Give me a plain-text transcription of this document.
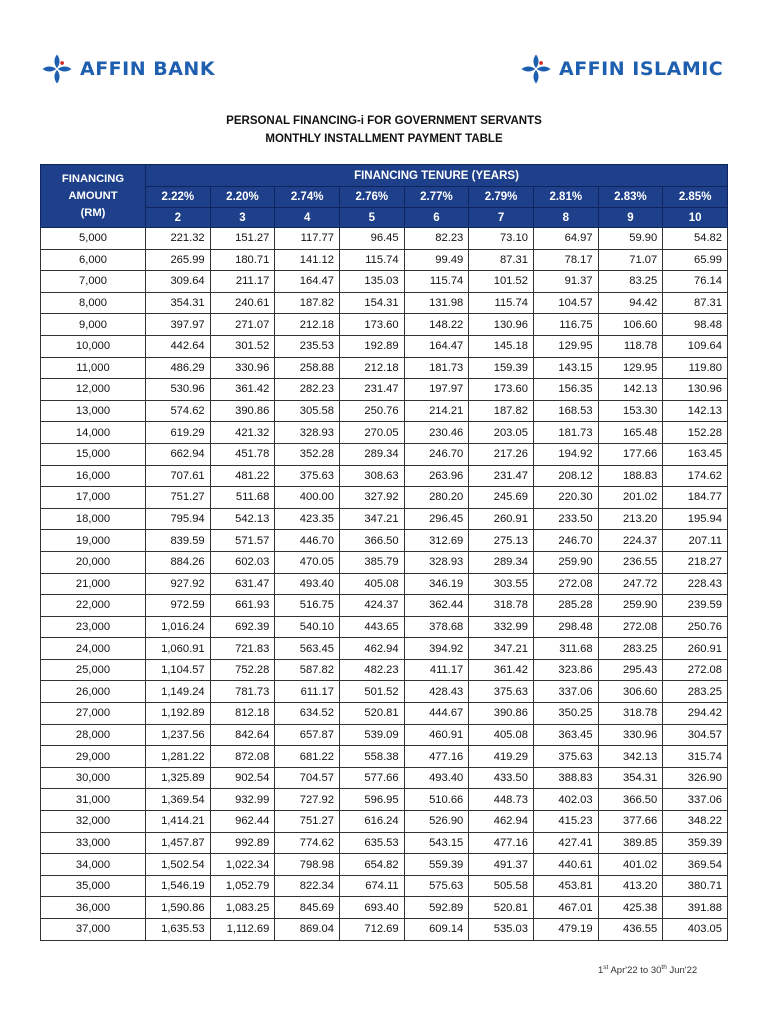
AFFIN BANK	AFFIN ISLAMIC
PERSONAL FINANCING-i FOR GOVERNMENT SERVANTS
MONTHLY INSTALLMENT PAYMENT TABLE
FINANCING
AMOUNT
(RM)	FINANCING TENURE (YEARS)								
	2.22%	2.20%	2.74%	2.76%	2.77%	2.79%	2.81%	2.83%	2.85%
	2	3	4	5	6	7	8	9	10
5,000	221.32	151.27	117.77	96.45	82.23	73.10	64.97	59.90	54.82
6,000	265.99	180.71	141.12	115.74	99.49	87.31	78.17	71.07	65.99
7,000	309.64	211.17	164.47	135.03	115.74	101.52	91.37	83.25	76.14
8,000	354.31	240.61	187.82	154.31	131.98	115.74	104.57	94.42	87.31
9,000	397.97	271.07	212.18	173.60	148.22	130.96	116.75	106.60	98.48
10,000	442.64	301.52	235.53	192.89	164.47	145.18	129.95	118.78	109.64
11,000	486.29	330.96	258.88	212.18	181.73	159.39	143.15	129.95	119.80
12,000	530.96	361.42	282.23	231.47	197.97	173.60	156.35	142.13	130.96
13,000	574.62	390.86	305.58	250.76	214.21	187.82	168.53	153.30	142.13
14,000	619.29	421.32	328.93	270.05	230.46	203.05	181.73	165.48	152.28
15,000	662.94	451.78	352.28	289.34	246.70	217.26	194.92	177.66	163.45
16,000	707.61	481.22	375.63	308.63	263.96	231.47	208.12	188.83	174.62
17,000	751.27	511.68	400.00	327.92	280.20	245.69	220.30	201.02	184.77
18,000	795.94	542.13	423.35	347.21	296.45	260.91	233.50	213.20	195.94
19,000	839.59	571.57	446.70	366.50	312.69	275.13	246.70	224.37	207.11
20,000	884.26	602.03	470.05	385.79	328.93	289.34	259.90	236.55	218.27
21,000	927.92	631.47	493.40	405.08	346.19	303.55	272.08	247.72	228.43
22,000	972.59	661.93	516.75	424.37	362.44	318.78	285.28	259.90	239.59
23,000	1,016.24	692.39	540.10	443.65	378.68	332.99	298.48	272.08	250.76
24,000	1,060.91	721.83	563.45	462.94	394.92	347.21	311.68	283.25	260.91
25,000	1,104.57	752.28	587.82	482.23	411.17	361.42	323.86	295.43	272.08
26,000	1,149.24	781.73	611.17	501.52	428.43	375.63	337.06	306.60	283.25
27,000	1,192.89	812.18	634.52	520.81	444.67	390.86	350.25	318.78	294.42
28,000	1,237.56	842.64	657.87	539.09	460.91	405.08	363.45	330.96	304.57
29,000	1,281.22	872.08	681.22	558.38	477.16	419.29	375.63	342.13	315.74
30,000	1,325.89	902.54	704.57	577.66	493.40	433.50	388.83	354.31	326.90
31,000	1,369.54	932.99	727.92	596.95	510.66	448.73	402.03	366.50	337.06
32,000	1,414.21	962.44	751.27	616.24	526.90	462.94	415.23	377.66	348.22
33,000	1,457.87	992.89	774.62	635.53	543.15	477.16	427.41	389.85	359.39
34,000	1,502.54	1,022.34	798.98	654.82	559.39	491.37	440.61	401.02	369.54
35,000	1,546.19	1,052.79	822.34	674.11	575.63	505.58	453.81	413.20	380.71
36,000	1,590.86	1,083.25	845.69	693.40	592.89	520.81	467.01	425.38	391.88
37,000	1,635.53	1,112.69	869.04	712.69	609.14	535.03	479.19	436.55	403.05
1st Apr'22 to 30th Jun'22
